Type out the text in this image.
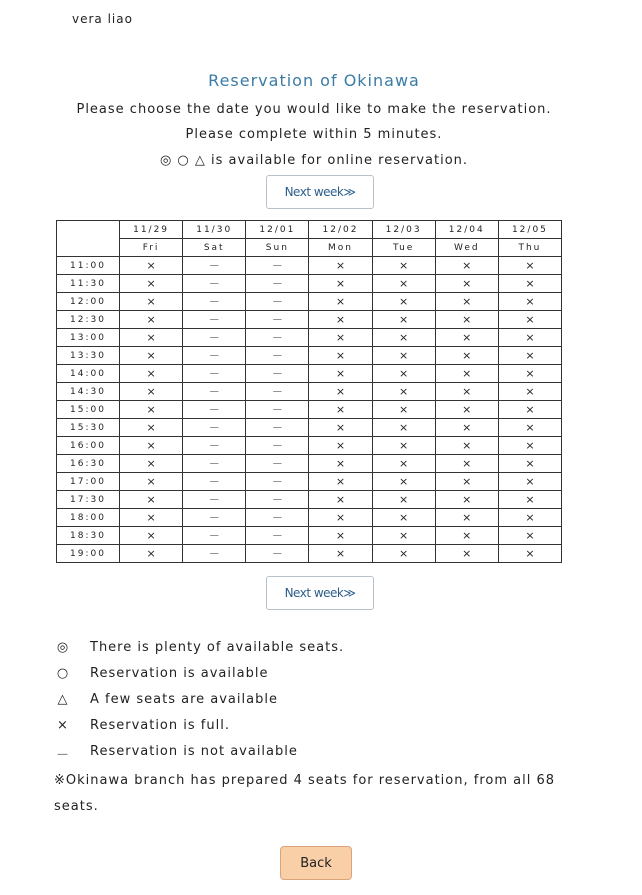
vera liao
Reservation of Okinawa
Please choose the date you would like to make the reservation.
Please complete within 5 minutes.
◎ ○ △ is available for online reservation.
Next week≫
	11/29	11/30	12/01	12/02	12/03	12/04	12/05
	Fri	Sat	Sun	Mon	Tue	Wed	Thu
11:00	×	－	－	×	×	×	×
11:30	×	－	－	×	×	×	×
12:00	×	－	－	×	×	×	×
12:30	×	－	－	×	×	×	×
13:00	×	－	－	×	×	×	×
13:30	×	－	－	×	×	×	×
14:00	×	－	－	×	×	×	×
14:30	×	－	－	×	×	×	×
15:00	×	－	－	×	×	×	×
15:30	×	－	－	×	×	×	×
16:00	×	－	－	×	×	×	×
16:30	×	－	－	×	×	×	×
17:00	×	－	－	×	×	×	×
17:30	×	－	－	×	×	×	×
18:00	×	－	－	×	×	×	×
18:30	×	－	－	×	×	×	×
19:00	×	－	－	×	×	×	×
Next week≫
◎ There is plenty of available seats.
○ Reservation is available
△ A few seats are available
× Reservation is full.
－ Reservation is not available
※Okinawa branch has prepared 4 seats for reservation, from all 68 seats.
Back
